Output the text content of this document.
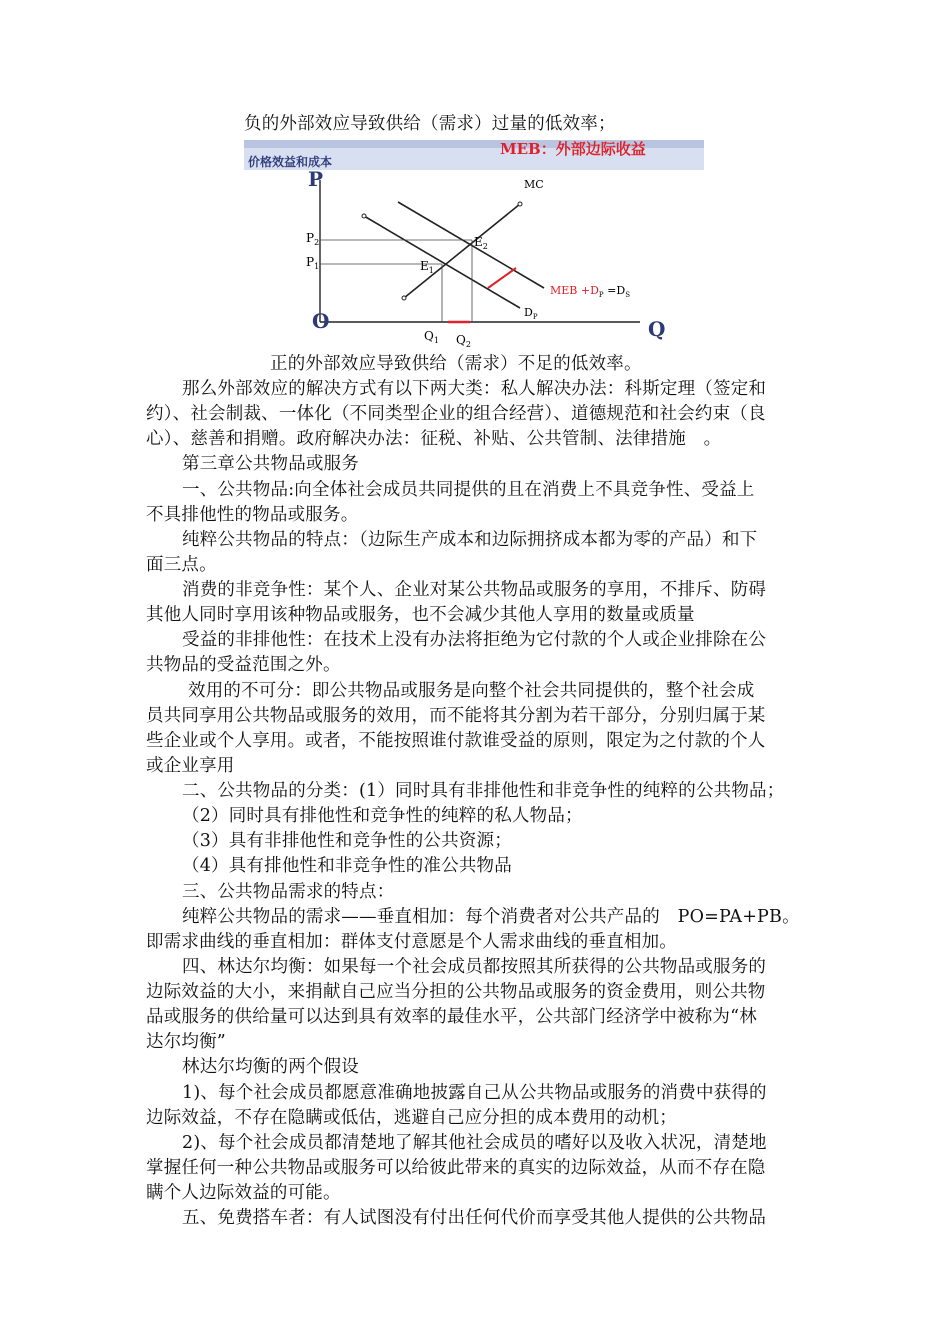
负的外部效应导致供给（需求）过量的低效率；
价格效益和成本
MEB：外部边际收益
P
O	Q
MC
$P_2$
$P_1$
$E_2$
$E_1$
MEB $+D_P =D_S$
$D_P$
$Q_1$ $Q_2$
正的外部效应导致供给（需求）不足的低效率。
那么外部效应的解决方式有以下两大类：私人解决办法：科斯定理（签定和
约）、社会制裁、一体化（不同类型企业的组合经营）、道德规范和社会约束（良
心）、慈善和捐赠。政府解决办法：征税、补贴、公共管制、法律措施　。
第三章公共物品或服务
一、公共物品:向全体社会成员共同提供的且在消费上不具竞争性、受益上
不具排他性的物品或服务。
纯粹公共物品的特点：（边际生产成本和边际拥挤成本都为零的产品）和下
面三点。
消费的非竞争性：某个人、企业对某公共物品或服务的享用，不排斥、防碍
其他人同时享用该种物品或服务，也不会减少其他人享用的数量或质量
受益的非排他性：在技术上没有办法将拒绝为它付款的个人或企业排除在公
共物品的受益范围之外。
效用的不可分：即公共物品或服务是向整个社会共同提供的，整个社会成
员共同享用公共物品或服务的效用，而不能将其分割为若干部分，分别归属于某
些企业或个人享用。或者，不能按照谁付款谁受益的原则，限定为之付款的个人
或企业享用
二、公共物品的分类：(1）同时具有非排他性和非竞争性的纯粹的公共物品；
（2）同时具有排他性和竞争性的纯粹的私人物品；
（3）具有非排他性和竞争性的公共资源；
（4）具有排他性和非竞争性的准公共物品
三、公共物品需求的特点：
纯粹公共物品的需求——垂直相加：每个消费者对公共产品的　PO=PA+PB。
即需求曲线的垂直相加：群体支付意愿是个人需求曲线的垂直相加。
四、林达尔均衡：如果每一个社会成员都按照其所获得的公共物品或服务的
边际效益的大小，来捐献自己应当分担的公共物品或服务的资金费用，则公共物
品或服务的供给量可以达到具有效率的最佳水平，公共部门经济学中被称为“林
达尔均衡”
林达尔均衡的两个假设
1)、每个社会成员都愿意准确地披露自己从公共物品或服务的消费中获得的
边际效益，不存在隐瞒或低估，逃避自己应分担的成本费用的动机；
2)、每个社会成员都清楚地了解其他社会成员的嗜好以及收入状况，清楚地
掌握任何一种公共物品或服务可以给彼此带来的真实的边际效益，从而不存在隐
瞒个人边际效益的可能。
五、免费搭车者：有人试图没有付出任何代价而享受其他人提供的公共物品
